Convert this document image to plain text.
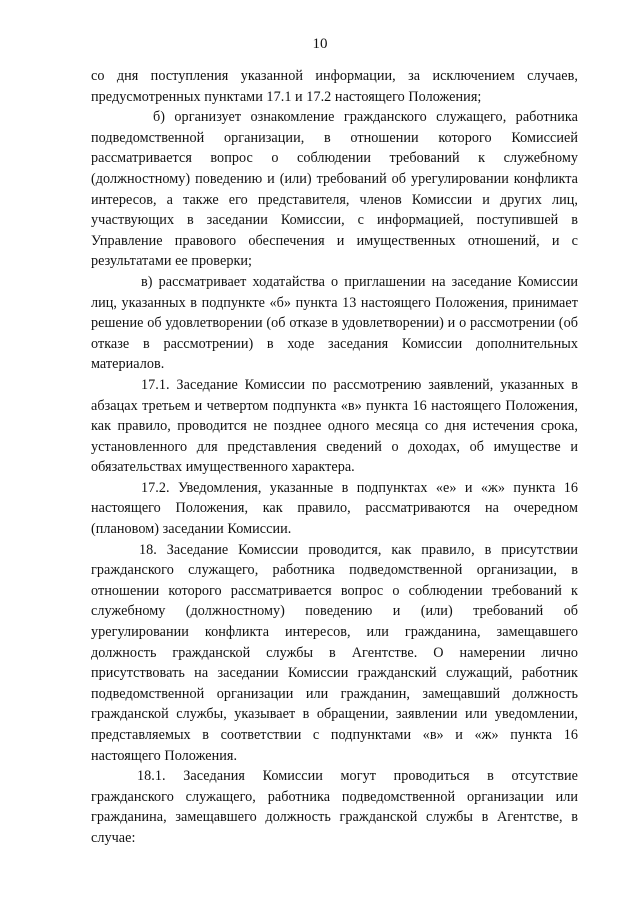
10

со дня поступления указанной информации, за исключением случаев, предусмотренных пунктами 17.1 и 17.2 настоящего Положения;

б) организует ознакомление гражданского служащего, работника подведомственной организации, в отношении которого Комиссией рассматривается вопрос о соблюдении требований к служебному (должностному) поведению и (или) требований об урегулировании конфликта интересов, а также его представителя, членов Комиссии и других лиц, участвующих в заседании Комиссии, с информацией, поступившей в Управление правового обеспечения и имущественных отношений, и с результатами ее проверки;

в) рассматривает ходатайства о приглашении на заседание Комиссии лиц, указанных в подпункте «б» пункта 13 настоящего Положения, принимает решение об удовлетворении (об отказе в удовлетворении) и о рассмотрении (об отказе в рассмотрении) в ходе заседания Комиссии дополнительных материалов.

17.1. Заседание Комиссии по рассмотрению заявлений, указанных в абзацах третьем и четвертом подпункта «в» пункта 16 настоящего Положения, как правило, проводится не позднее одного месяца со дня истечения срока, установленного для представления сведений о доходах, об имуществе и обязательствах имущественного характера.

17.2. Уведомления, указанные в подпунктах «е» и «ж» пункта 16 настоящего Положения, как правило, рассматриваются на очередном (плановом) заседании Комиссии.

18. Заседание Комиссии проводится, как правило, в присутствии гражданского служащего, работника подведомственной организации, в отношении которого рассматривается вопрос о соблюдении требований к служебному (должностному) поведению и (или) требований об урегулировании конфликта интересов, или гражданина, замещавшего должность гражданской службы в Агентстве. О намерении лично присутствовать на заседании Комиссии гражданский служащий, работник подведомственной организации или гражданин, замещавший должность гражданской службы, указывает в обращении, заявлении или уведомлении, представляемых в соответствии с подпунктами «в» и «ж» пункта 16 настоящего Положения.

18.1. Заседания Комиссии могут проводиться в отсутствие гражданского служащего, работника подведомственной организации или гражданина, замещавшего должность гражданской службы в Агентстве, в случае:
